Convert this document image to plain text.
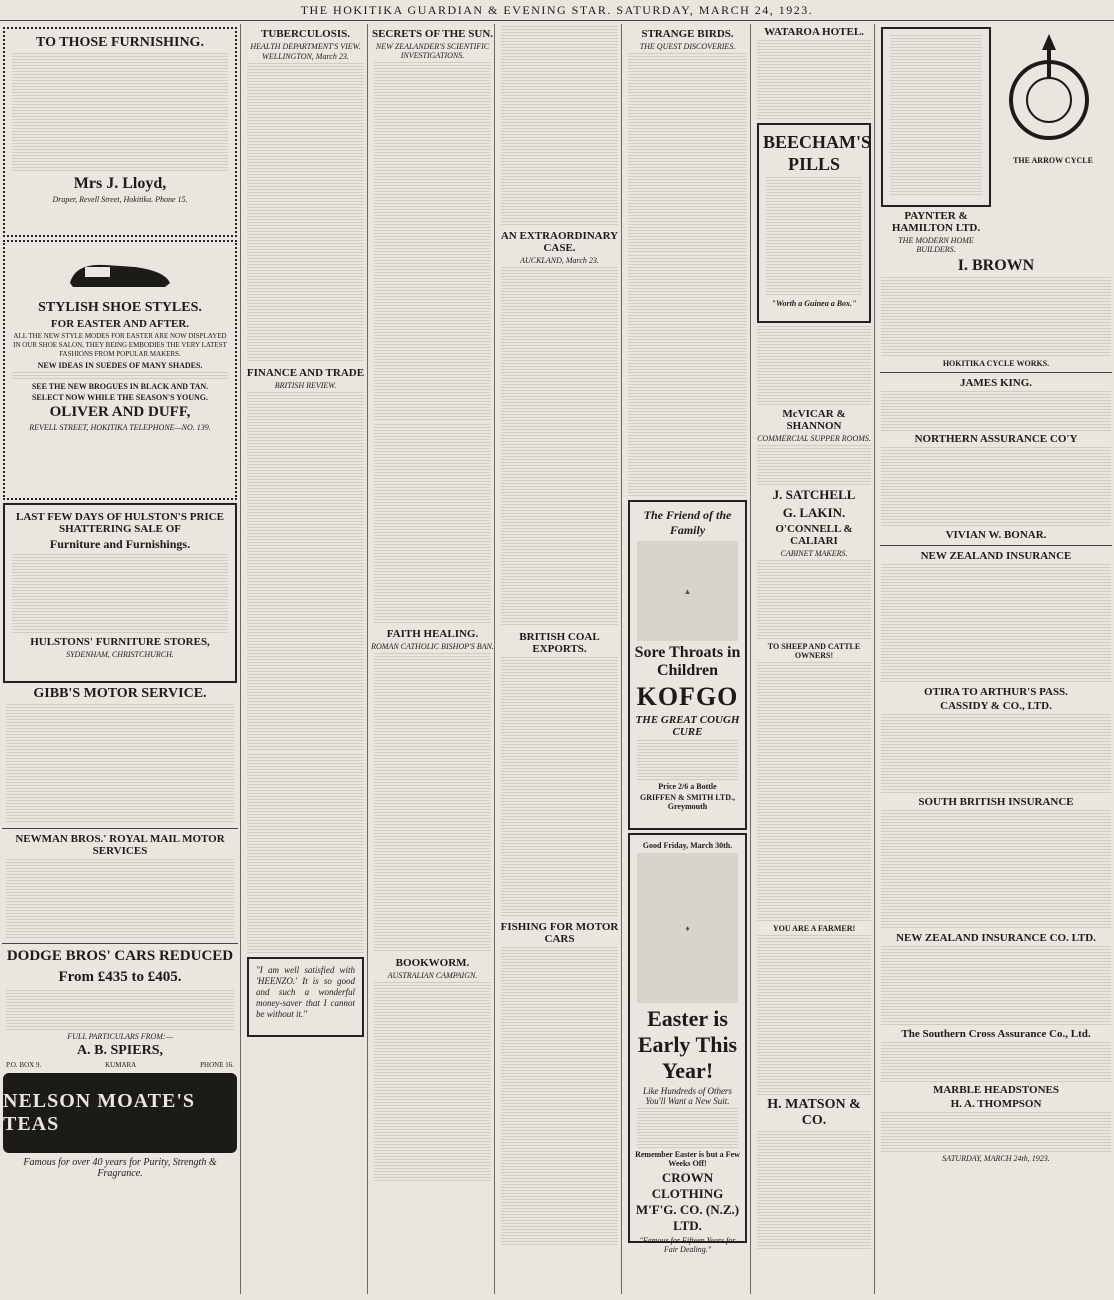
THE HOKITIKA GUARDIAN & EVENING STAR. SATURDAY, MARCH 24, 1923.
TO THOSE FURNISHING.
Mrs J. Lloyd,
Draper, Revell Street, Hokitika. Phone 15.
STYLISH SHOE STYLES.
FOR EASTER AND AFTER.
ALL THE NEW STYLE MODES FOR EASTER ARE NOW DISPLAYED IN OUR SHOE SALON, THEY BEING EMBODIES THE VERY LATEST FASHIONS FROM POPULAR MAKERS.
NEW IDEAS IN SUEDES OF MANY SHADES.
SEE THE NEW BROGUES IN BLACK AND TAN.
SELECT NOW WHILE THE SEASON'S YOUNG.
OLIVER AND DUFF,
REVELL STREET, HOKITIKA TELEPHONE—NO. 139.
LAST FEW DAYS OF HULSTON'S PRICE SHATTERING SALE OF
Furniture and Furnishings.
HULSTONS' FURNITURE STORES,
SYDENHAM, CHRISTCHURCH.
GIBB'S MOTOR SERVICE.
NEWMAN BROS.' ROYAL MAIL MOTOR SERVICES
DODGE BROS' CARS REDUCED
From £435 to £405.
FULL PARTICULARS FROM:—
A. B. SPIERS,
P.O. BOX 9.	KUMARA	PHONE 16.
NELSON MOATE'S TEAS
Famous for over 40 years for Purity, Strength & Fragrance.
TUBERCULOSIS.
HEALTH DEPARTMENT'S VIEW.
WELLINGTON, March 23.
FINANCE AND TRADE
BRITISH REVIEW.
"I am well satisfied with 'HEENZO.' It is so good and such a wonderful money-saver that I cannot be without it."
SECRETS OF THE SUN.
NEW ZEALANDER'S SCIENTIFIC INVESTIGATIONS.
FAITH HEALING.
ROMAN CATHOLIC BISHOP'S BAN.
BOOKWORM.
AUSTRALIAN CAMPAIGN.
AN EXTRAORDINARY CASE.
AUCKLAND, March 23.
BRITISH COAL EXPORTS.
FISHING FOR MOTOR CARS
STRANGE BIRDS.
THE QUEST DISCOVERIES.
The Friend of the Family
▲
Sore Throats in Children
KOFGO
THE GREAT COUGH CURE
Price 2/6 a Bottle
GRIFFEN & SMITH LTD., Greymouth
Good Friday, March 30th.
♦
Easter is Early This Year!
Like Hundreds of Others You'll Want a New Suit.
Remember Easter is but a Few Weeks Off!
CROWN CLOTHING M'F'G. CO. (N.Z.) LTD.
"Famous for Fifteen Years for Fair Dealing."
WATAROA HOTEL.
BEECHAM'S PILLS
"Worth a Guinea a Box."
McVICAR & SHANNON
COMMERCIAL SUPPER ROOMS.
J. SATCHELL
G. LAKIN.
O'CONNELL & CALIARI
CABINET MAKERS.
TO SHEEP AND CATTLE OWNERS!
YOU ARE A FARMER!
H. MATSON & CO.
PAYNTER & HAMILTON LTD.
THE MODERN HOME BUILDERS.
THE ARROW CYCLE
I. BROWN
HOKITIKA CYCLE WORKS.
JAMES KING.
NORTHERN ASSURANCE CO'Y
VIVIAN W. BONAR.
NEW ZEALAND INSURANCE
OTIRA TO ARTHUR'S PASS.
CASSIDY & CO., LTD.
SOUTH BRITISH INSURANCE
NEW ZEALAND INSURANCE CO. LTD.
The Southern Cross Assurance Co., Ltd.
MARBLE HEADSTONES
H. A. THOMPSON
SATURDAY, MARCH 24th, 1923.
